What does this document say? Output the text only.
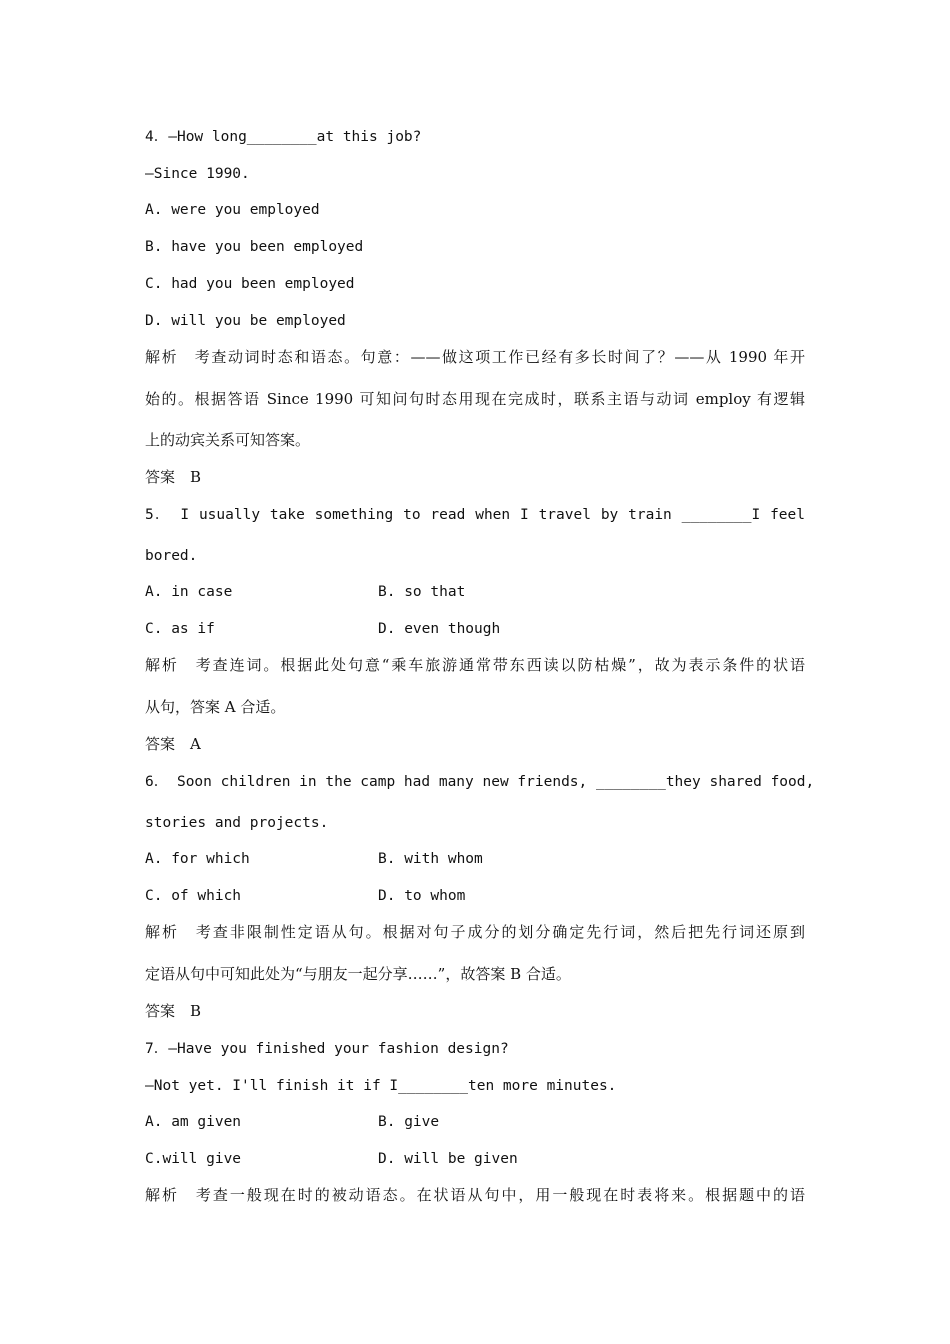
4．—How long________at this job?
—Since 1990.
A. were you employed
B. have you been employed
C. had you been employed
D. will you be employed
解析　考查动词时态和语态。句意：——做这项工作已经有多长时间了？——从 1990 年开
始的。根据答语 Since 1990 可知问句时态用现在完成时，联系主语与动词 employ 有逻辑
上的动宾关系可知答案。
答案　B
5． I usually take something to read when I travel by train ________I feel
bored.
A. in case	B. so that
C. as if	D. even though
解析　考查连词。根据此处句意“乘车旅游通常带东西读以防枯燥”，故为表示条件的状语
从句，答案 A 合适。
答案　A
6． Soon children in the camp had many new friends, ________they shared food,
stories and projects.
A. for which	B. with whom
C. of which	D. to whom
解析　考查非限制性定语从句。根据对句子成分的划分确定先行词，然后把先行词还原到
定语从句中可知此处为“与朋友一起分享……”，故答案 B 合适。
答案　B
7．—Have you finished your fashion design?
—Not yet. I'll finish it if I________ten more minutes.
A. am given	B. give
C.will give	D. will be given
解析　考查一般现在时的被动语态。在状语从句中，用一般现在时表将来。根据题中的语
